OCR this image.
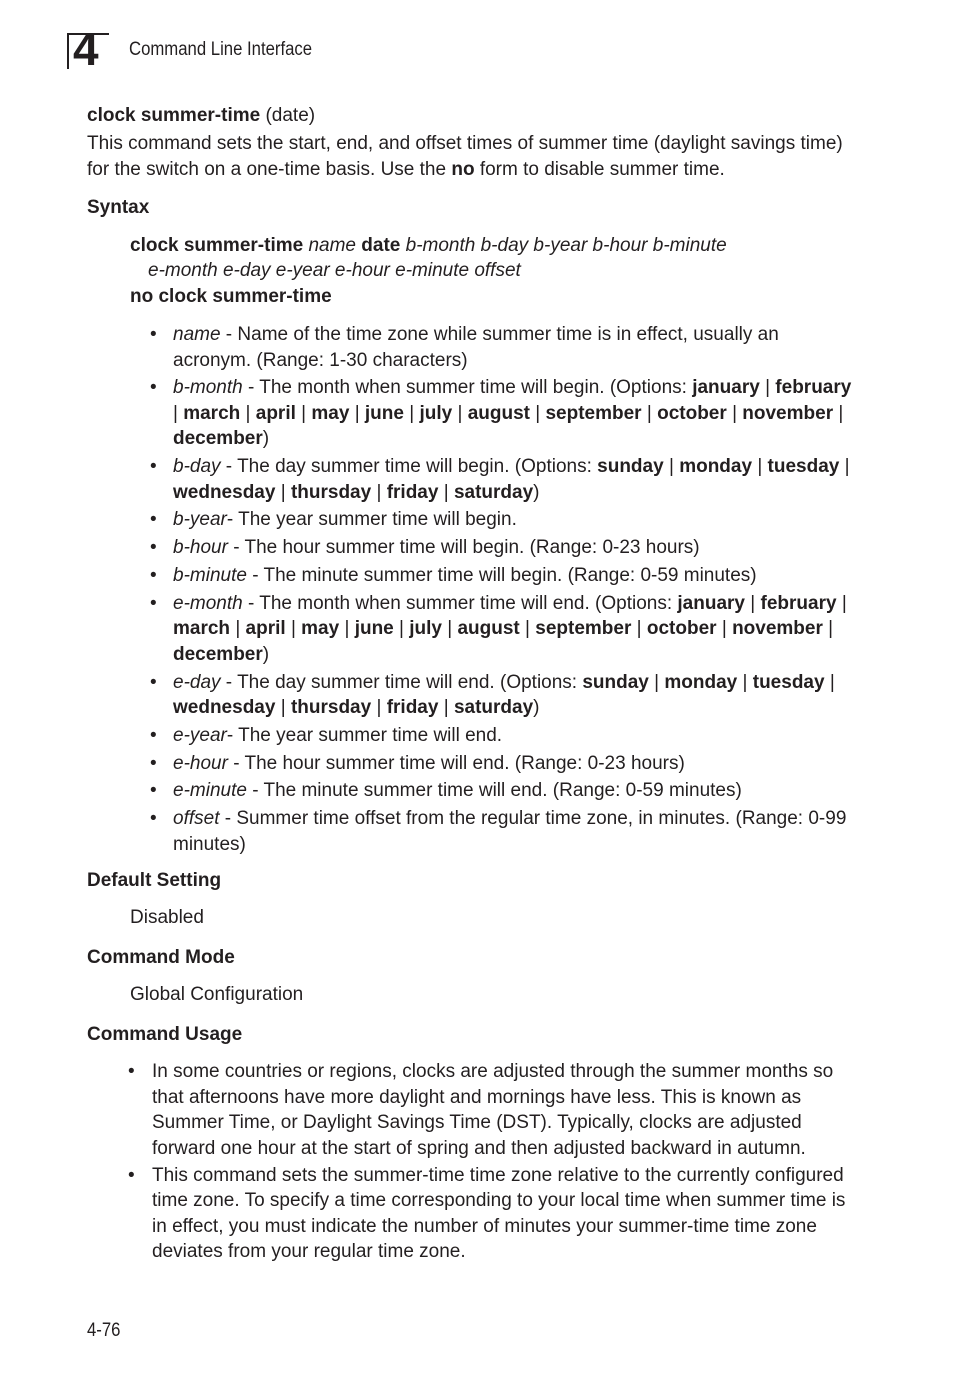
4 Command Line Interface
clock summer-time (date)
This command sets the start, end, and offset times of summer time (daylight savings time) for the switch on a one-time basis. Use the no form to disable summer time.
Syntax
clock summer-time name date b-month b-day b-year b-hour b-minute
e-month e-day e-year e-hour e-minute offset
no clock summer-time
• name - Name of the time zone while summer time is in effect, usually an acronym. (Range: 1-30 characters)
• b-month - The month when summer time will begin. (Options: january | february | march | april | may | june | july | august | september | october | november | december)
• b-day - The day summer time will begin. (Options: sunday | monday | tuesday | wednesday | thursday | friday | saturday)
• b-year- The year summer time will begin.
• b-hour - The hour summer time will begin. (Range: 0-23 hours)
• b-minute - The minute summer time will begin. (Range: 0-59 minutes)
• e-month - The month when summer time will end. (Options: january | february | march | april | may | june | july | august | september | october | november | december)
• e-day - The day summer time will end. (Options: sunday | monday | tuesday | wednesday | thursday | friday | saturday)
• e-year- The year summer time will end.
• e-hour - The hour summer time will end. (Range: 0-23 hours)
• e-minute - The minute summer time will end. (Range: 0-59 minutes)
• offset - Summer time offset from the regular time zone, in minutes. (Range: 0-99 minutes)
Default Setting
Disabled
Command Mode
Global Configuration
Command Usage
• In some countries or regions, clocks are adjusted through the summer months so that afternoons have more daylight and mornings have less. This is known as Summer Time, or Daylight Savings Time (DST). Typically, clocks are adjusted forward one hour at the start of spring and then adjusted backward in autumn.
• This command sets the summer-time time zone relative to the currently configured time zone. To specify a time corresponding to your local time when summer time is in effect, you must indicate the number of minutes your summer-time time zone deviates from your regular time zone.
4-76
